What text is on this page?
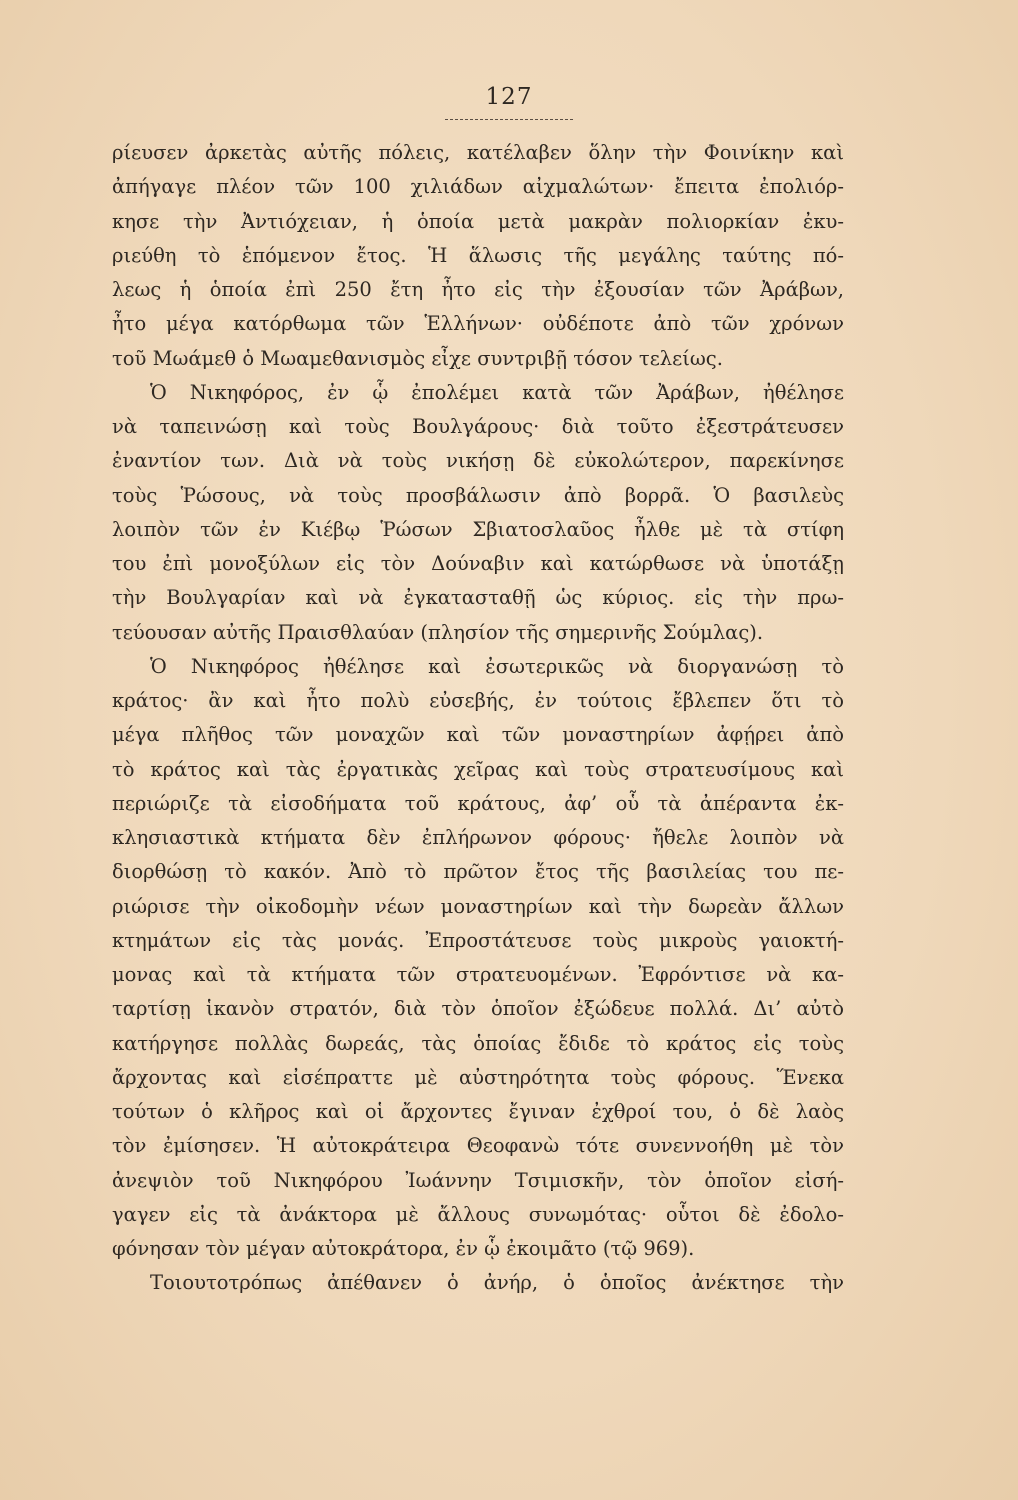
127
ρίευσεν ἀρκετὰς αὐτῆς πόλεις, κατέλαβεν ὅλην τὴν Φοινίκην καὶ
ἀπήγαγε πλέον τῶν 100 χιλιάδων αἰχμαλώτων· ἔπειτα ἐπολιόρ-
κησε τὴν Ἀντιόχειαν, ἡ ὁποία μετὰ μακρὰν πολιορκίαν ἐκυ-
ριεύθη τὸ ἑπόμενον ἔτος. Ἡ ἅλωσις τῆς μεγάλης ταύτης πό-
λεως ἡ ὁποία ἐπὶ 250 ἔτη ἦτο εἰς τὴν ἐξουσίαν τῶν Ἀράβων,
ἦτο μέγα κατόρθωμα τῶν Ἑλλήνων· οὐδέποτε ἀπὸ τῶν χρόνων
τοῦ Μωάμεθ ὁ Μωαμεθανισμὸς εἶχε συντριβῇ τόσον τελείως.
Ὁ Νικηφόρος, ἐν ᾧ ἐπολέμει κατὰ τῶν Ἀράβων, ἠθέλησε
νὰ ταπεινώσῃ καὶ τοὺς Βουλγάρους· διὰ τοῦτο ἐξεστράτευσεν
ἐναντίον των. Διὰ νὰ τοὺς νικήσῃ δὲ εὐκολώτερον, παρεκίνησε
τοὺς Ῥώσους, νὰ τοὺς προσβάλωσιν ἀπὸ βορρᾶ. Ὁ βασιλεὺς
λοιπὸν τῶν ἐν Κιέβῳ Ῥώσων Σβιατοσλαῦος ἦλθε μὲ τὰ στίφη
του ἐπὶ μονοξύλων εἰς τὸν Δούναβιν καὶ κατώρθωσε νὰ ὑποτάξῃ
τὴν Βουλγαρίαν καὶ νὰ ἐγκατασταθῇ ὡς κύριος. εἰς τὴν πρω-
τεύουσαν αὐτῆς Πραισθλαύαν (πλησίον τῆς σημερινῆς Σούμλας).
Ὁ Νικηφόρος ἠθέλησε καὶ ἐσωτερικῶς νὰ διοργανώσῃ τὸ
κράτος· ἂν καὶ ἦτο πολὺ εὐσεβής, ἐν τούτοις ἔβλεπεν ὅτι τὸ
μέγα πλῆθος τῶν μοναχῶν καὶ τῶν μοναστηρίων ἀφῄρει ἀπὸ
τὸ κράτος καὶ τὰς ἐργατικὰς χεῖρας καὶ τοὺς στρατευσίμους καὶ
περιώριζε τὰ εἰσοδήματα τοῦ κράτους, ἀφ’ οὗ τὰ ἀπέραντα ἐκ-
κλησιαστικὰ κτήματα δὲν ἐπλήρωνον φόρους· ἤθελε λοιπὸν νὰ
διορθώσῃ τὸ κακόν. Ἀπὸ τὸ πρῶτον ἔτος τῆς βασιλείας του πε-
ριώρισε τὴν οἰκοδομὴν νέων μοναστηρίων καὶ τὴν δωρεὰν ἄλλων
κτημάτων εἰς τὰς μονάς. Ἐπροστάτευσε τοὺς μικροὺς γαιοκτή-
μονας καὶ τὰ κτήματα τῶν στρατευομένων. Ἐφρόντισε νὰ κα-
ταρτίσῃ ἱκανὸν στρατόν, διὰ τὸν ὁποῖον ἐξώδευε πολλά. Δι’ αὐτὸ
κατήργησε πολλὰς δωρεάς, τὰς ὁποίας ἔδιδε τὸ κράτος εἰς τοὺς
ἄρχοντας καὶ εἰσέπραττε μὲ αὐστηρότητα τοὺς φόρους. Ἕνεκα
τούτων ὁ κλῆρος καὶ οἱ ἄρχοντες ἔγιναν ἐχθροί του, ὁ δὲ λαὸς
τὸν ἐμίσησεν. Ἡ αὐτοκράτειρα Θεοφανὼ τότε συνεννοήθη μὲ τὸν
ἀνεψιὸν τοῦ Νικηφόρου Ἰωάννην Τσιμισκῆν, τὸν ὁποῖον εἰσή-
γαγεν εἰς τὰ ἀνάκτορα μὲ ἄλλους συνωμότας· οὗτοι δὲ ἐδολο-
φόνησαν τὸν μέγαν αὐτοκράτορα, ἐν ᾧ ἐκοιμᾶτο (τῷ 969).
Τοιουτοτρόπως ἀπέθανεν ὁ ἀνήρ, ὁ ὁποῖος ἀνέκτησε τὴν
